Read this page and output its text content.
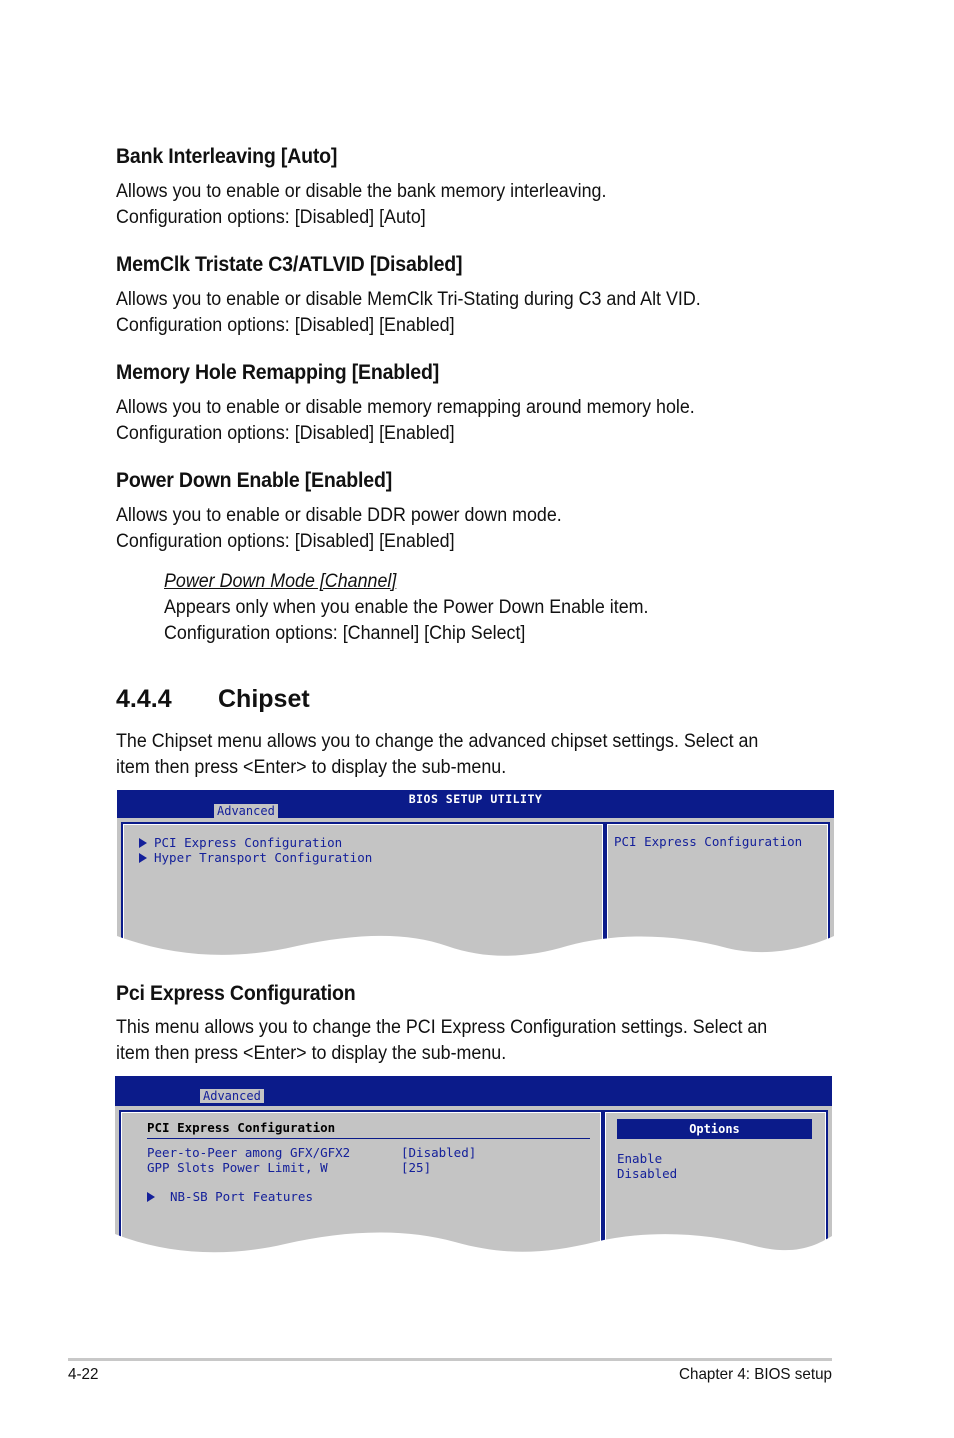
Bank Interleaving [Auto]
Allows you to enable or disable the bank memory interleaving.
Configuration options: [Disabled] [Auto]
MemClk Tristate C3/ATLVID [Disabled]
Allows you to enable or disable MemClk Tri-Stating during C3 and Alt VID.
Configuration options: [Disabled] [Enabled]
Memory Hole Remapping [Enabled]
Allows you to enable or disable memory remapping around memory hole.
Configuration options: [Disabled] [Enabled]
Power Down Enable [Enabled]
Allows you to enable or disable DDR power down mode.
Configuration options: [Disabled] [Enabled]
Power Down Mode [Channel]
Appears only when you enable the Power Down Enable item.
Configuration options: [Channel] [Chip Select]
4.4.4 Chipset
The Chipset menu allows you to change the advanced chipset settings. Select an
item then press <Enter> to display the sub-menu.
BIOS SETUP UTILITY
Advanced
PCI Express Configuration
Hyper Transport Configuration
PCI Express Configuration
Pci Express Configuration
This menu allows you to change the PCI Express Configuration settings. Select an
item then press <Enter> to display the sub-menu.
Advanced
PCI Express Configuration
Peer-to-Peer among GFX/GFX2	[Disabled]
GPP Slots Power Limit, W	[25]
NB-SB Port Features
Options
Enable
Disabled
4-22	Chapter 4: BIOS setup
